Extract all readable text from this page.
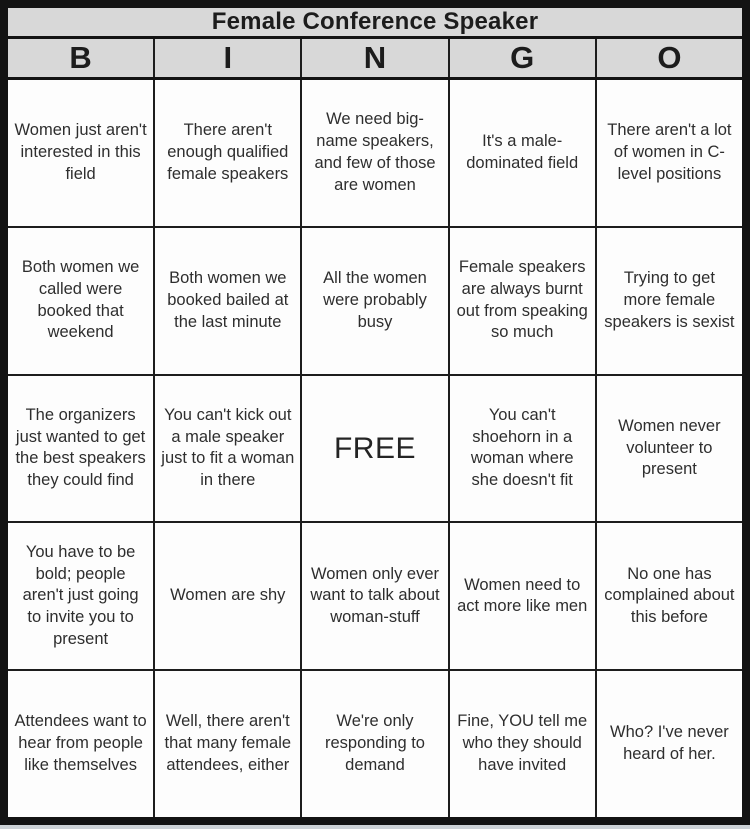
Female Conference Speaker
B	I	N	G	O
Women just aren't interested in this field
There aren't enough qualified female speakers
We need big-name speakers, and few of those are women
It's a male-dominated field
There aren't a lot of women in C-level positions
Both women we called were booked that weekend
Both women we booked bailed at the last minute
All the women were probably busy
Female speakers are always burnt out from speaking so much
Trying to get more female speakers is sexist
The organizers just wanted to get the best speakers they could find
You can't kick out a male speaker just to fit a woman in there
FREE
You can't shoehorn in a woman where she doesn't fit
Women never volunteer to present
You have to be bold; people aren't just going to invite you to present
Women are shy
Women only ever want to talk about woman-stuff
Women need to act more like men
No one has complained about this before
Attendees want to hear from people like themselves
Well, there aren't that many female attendees, either
We're only responding to demand
Fine, YOU tell me who they should have invited
Who? I've never heard of her.
